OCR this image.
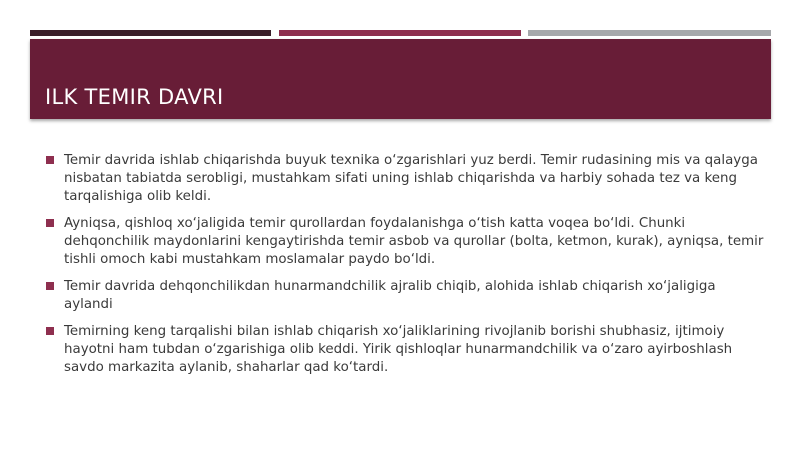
ILK TEMIR DAVRI
Temir davrida ishlab chiqarishda buyuk texnika o‘zgarishlari yuz berdi. Temir rudasining mis va qalayga nisbatan tabiatda serobligi, mustahkam sifati uning ishlab chiqarishda va harbiy sohada tez va keng tarqalishiga olib keldi.
Ayniqsa, qishloq xo‘jaligida temir qurollardan foydalanishga o‘tish katta voqea bo‘ldi. Chunki dehqonchilik maydonlarini kengaytirishda temir asbob va qurollar (bolta, ketmon, kurak), ayniqsa, temir tishli omoch kabi mustahkam moslamalar paydo bo‘ldi.
Temir davrida dehqonchilikdan hunarmandchilik ajralib chiqib, alohida ishlab chiqarish xo‘jaligiga aylandi
Temirning keng tarqalishi bilan ishlab chiqarish xo‘jaliklarining rivojlanib borishi shubhasiz, ijtimoiy hayotni ham tubdan o‘zgarishiga olib keddi. Yirik qishloqlar hunarmandchilik va o‘zaro ayirboshlash savdo markazita aylanib, shaharlar qad ko‘tardi.
